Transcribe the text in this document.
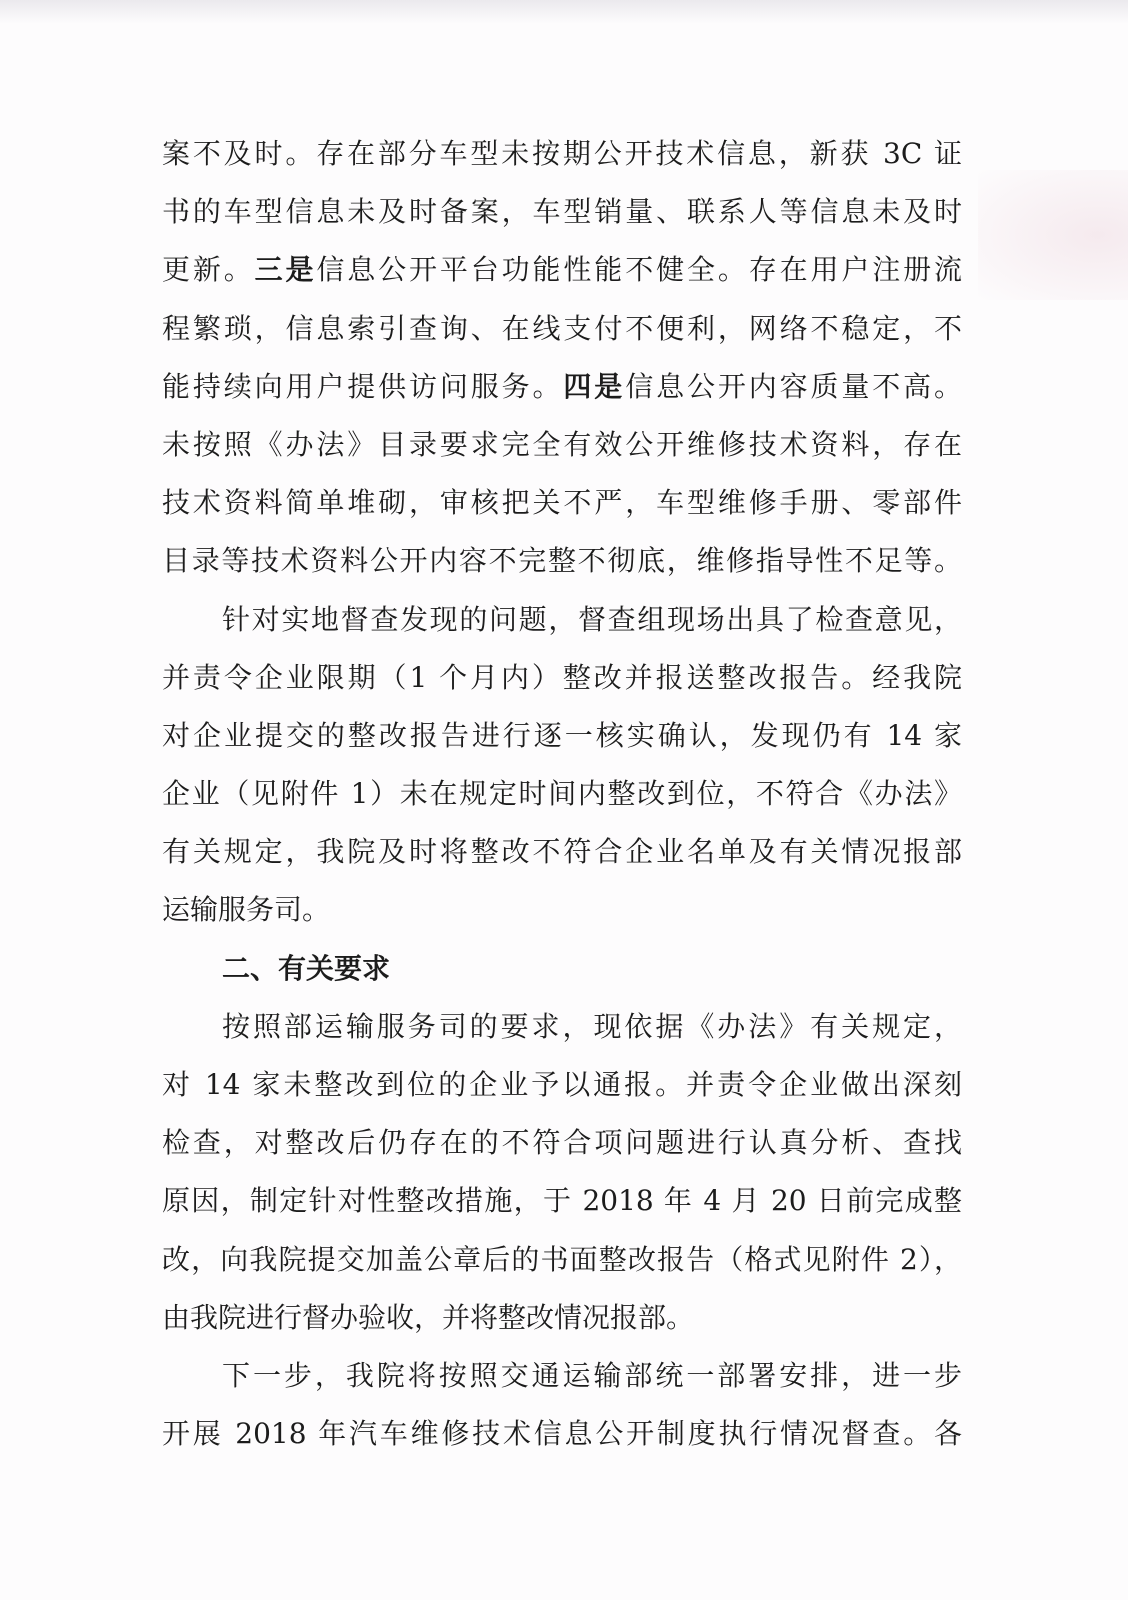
案不及时。存在部分车型未按期公开技术信息，新获 3C 证
书的车型信息未及时备案，车型销量、联系人等信息未及时
更新。三是信息公开平台功能性能不健全。存在用户注册流
程繁琐，信息索引查询、在线支付不便利，网络不稳定，不
能持续向用户提供访问服务。四是信息公开内容质量不高。
未按照《办法》目录要求完全有效公开维修技术资料，存在
技术资料简单堆砌，审核把关不严，车型维修手册、零部件
目录等技术资料公开内容不完整不彻底，维修指导性不足等。
针对实地督查发现的问题，督查组现场出具了检查意见，
并责令企业限期（1 个月内）整改并报送整改报告。经我院
对企业提交的整改报告进行逐一核实确认，发现仍有 14 家
企业（见附件 1）未在规定时间内整改到位，不符合《办法》
有关规定，我院及时将整改不符合企业名单及有关情况报部
运输服务司。
二、有关要求
按照部运输服务司的要求，现依据《办法》有关规定，
对 14 家未整改到位的企业予以通报。并责令企业做出深刻
检查，对整改后仍存在的不符合项问题进行认真分析、查找
原因，制定针对性整改措施，于 2018 年 4 月 20 日前完成整
改，向我院提交加盖公章后的书面整改报告（格式见附件 2），
由我院进行督办验收，并将整改情况报部。
下一步，我院将按照交通运输部统一部署安排，进一步
开展 2018 年汽车维修技术信息公开制度执行情况督查。各
